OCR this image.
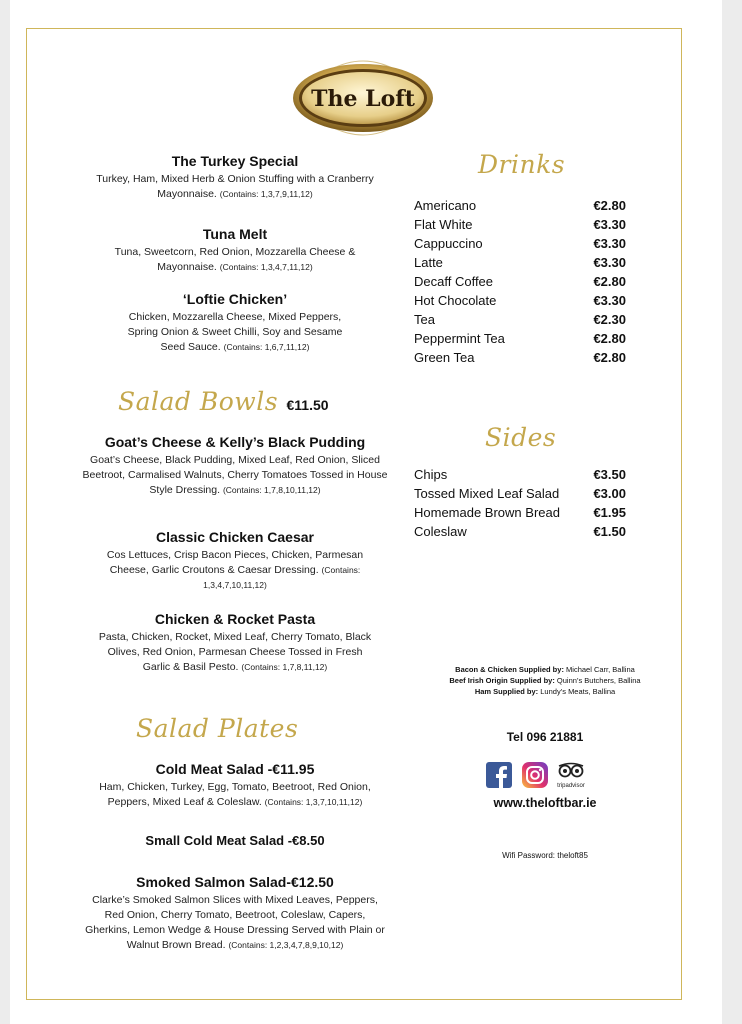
The Loft

The Turkey Special

Turkey, Ham, Mixed Herb & Onion Stuffing with a Cranberry Mayonnaise. (Contains: 1,3,7,9,11,12)

Tuna Melt

Tuna, Sweetcorn, Red Onion, Mozzarella Cheese & Mayonnaise. (Contains: 1,3,4,7,11,12)

‘Loftie Chicken’

Chicken, Mozzarella Cheese, Mixed Peppers, Spring Onion & Sweet Chilli, Soy and Sesame Seed Sauce. (Contains: 1,6,7,11,12)

Salad Bowls €11.50

Goat’s Cheese & Kelly’s Black Pudding

Goat’s Cheese, Black Pudding, Mixed Leaf, Red Onion, Sliced Beetroot, Carmalised Walnuts, Cherry Tomatoes Tossed in House Style Dressing. (Contains: 1,7,8,10,11,12)

Classic Chicken Caesar

Cos Lettuces, Crisp Bacon Pieces, Chicken, Parmesan Cheese, Garlic Croutons & Caesar Dressing. (Contains: 1,3,4,7,10,11,12)

Chicken & Rocket Pasta

Pasta, Chicken, Rocket, Mixed Leaf, Cherry Tomato, Black Olives, Red Onion, Parmesan Cheese Tossed in Fresh Garlic & Basil Pesto. (Contains: 1,7,8,11,12)

Salad Plates

Cold Meat Salad -€11.95

Ham, Chicken, Turkey, Egg, Tomato, Beetroot, Red Onion, Peppers, Mixed Leaf & Coleslaw. (Contains: 1,3,7,10,11,12)

Small Cold Meat Salad -€8.50

Smoked Salmon Salad-€12.50

Clarke’s Smoked Salmon Slices with Mixed Leaves, Peppers, Red Onion, Cherry Tomato, Beetroot, Coleslaw, Capers, Gherkins, Lemon Wedge & House Dressing Served with Plain or Walnut Brown Bread. (Contains: 1,2,3,4,7,8,9,10,12)

Drinks
Americano	€2.80
Flat White	€3.30
Cappuccino	€3.30
Latte	€3.30
Decaff Coffee	€2.80
Hot Chocolate	€3.30
Tea	€2.30
Peppermint Tea	€2.80
Green Tea	€2.80
Sides
Chips	€3.50
Tossed Mixed Leaf Salad	€3.00
Homemade Brown Bread	€1.95
Coleslaw	€1.50
Bacon & Chicken Supplied by: Michael Carr, Ballina
Beef Irish Origin Supplied by: Quinn’s Butchers, Ballina
Ham Supplied by: Lundy’s Meats, Ballina
Tel 096 21881
tripadvisor
www.theloftbar.ie
Wifi Password: theloft85
